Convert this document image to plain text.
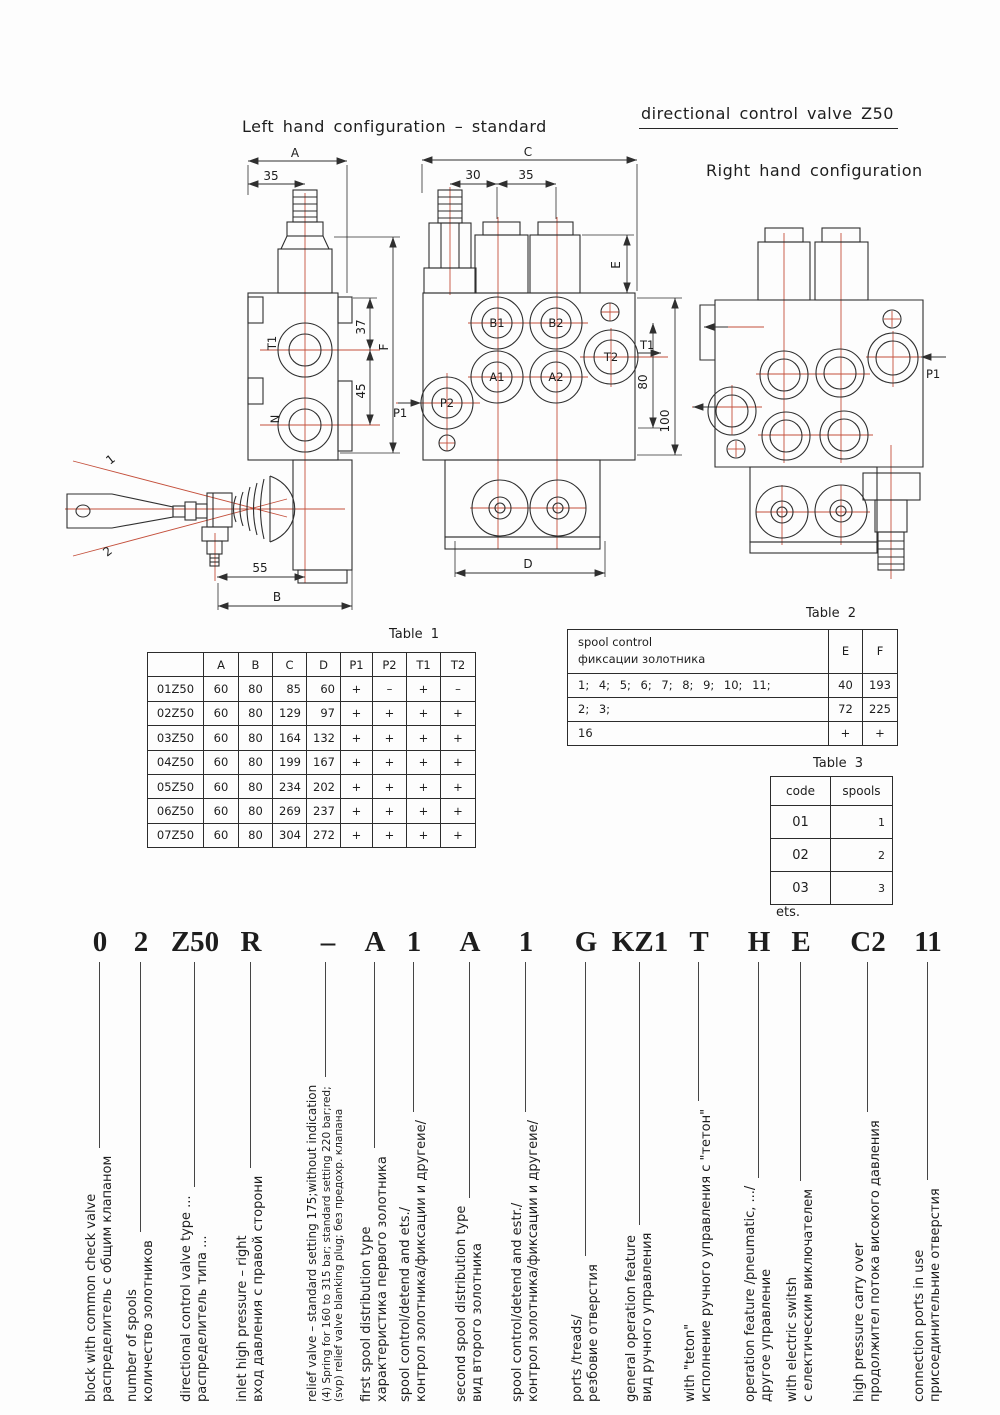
Left hand configuration – standard
directional control valve Z50
Right hand configuration
A
35
37
45
F
55
B
T1
N
1
2
C
30	35
E
80
100
D
B1	B2
T2
A1	A2
P2
P1
T1
P1
Table 1
	A	B	C	D	P1	P2	T1	T2
01Z50	60	80	85	60	+	–	+	–
02Z50	60	80	129	97	+	+	+	+
03Z50	60	80	164	132	+	+	+	+
04Z50	60	80	199	167	+	+	+	+
05Z50	60	80	234	202	+	+	+	+
06Z50	60	80	269	237	+	+	+	+
07Z50	60	80	304	272	+	+	+	+
Table 2
spool control
фиксации золотника	E	F
1; 4; 5; 6; 7; 8; 9; 10; 11;	40	193
2; 3;	72	225
16	+	+
Table 3
code	spools
01	1
02	2
03	3
ets.
0 2 Z50 R – A 1 A 1 G KZ1 T H E C2 11
block with common check valve распределитель с общим клапаном number of spools количество золотников directional control valve type ... распределитель типа ... inlet high pressure – right вход давления с правой сторони	relief valve – standard setting 175;without indication (4) Spring for 160 to 315 bar; standard setting 220 bar;red; (svp) relief valve blanking plug; без предохр. клапана first spool distribution type характеристика первого золотника spool control/detend and ets./ контрол золотника/фиксации и другеие/ second spool distribution type вид второго золотника spool control/detend and estr./ контрол золотника/фиксации и другеие/ ports /treads/ резбовие отверстия general operation feature вид ручного управления with "teton" исполнение ручного управления с "тетон" operation feature /pneumatic, .../ другое управление with electric switsh с електическим виключателем	high pressure carry over продолжител потока високого давления connection ports in use присоединительние отверстия
